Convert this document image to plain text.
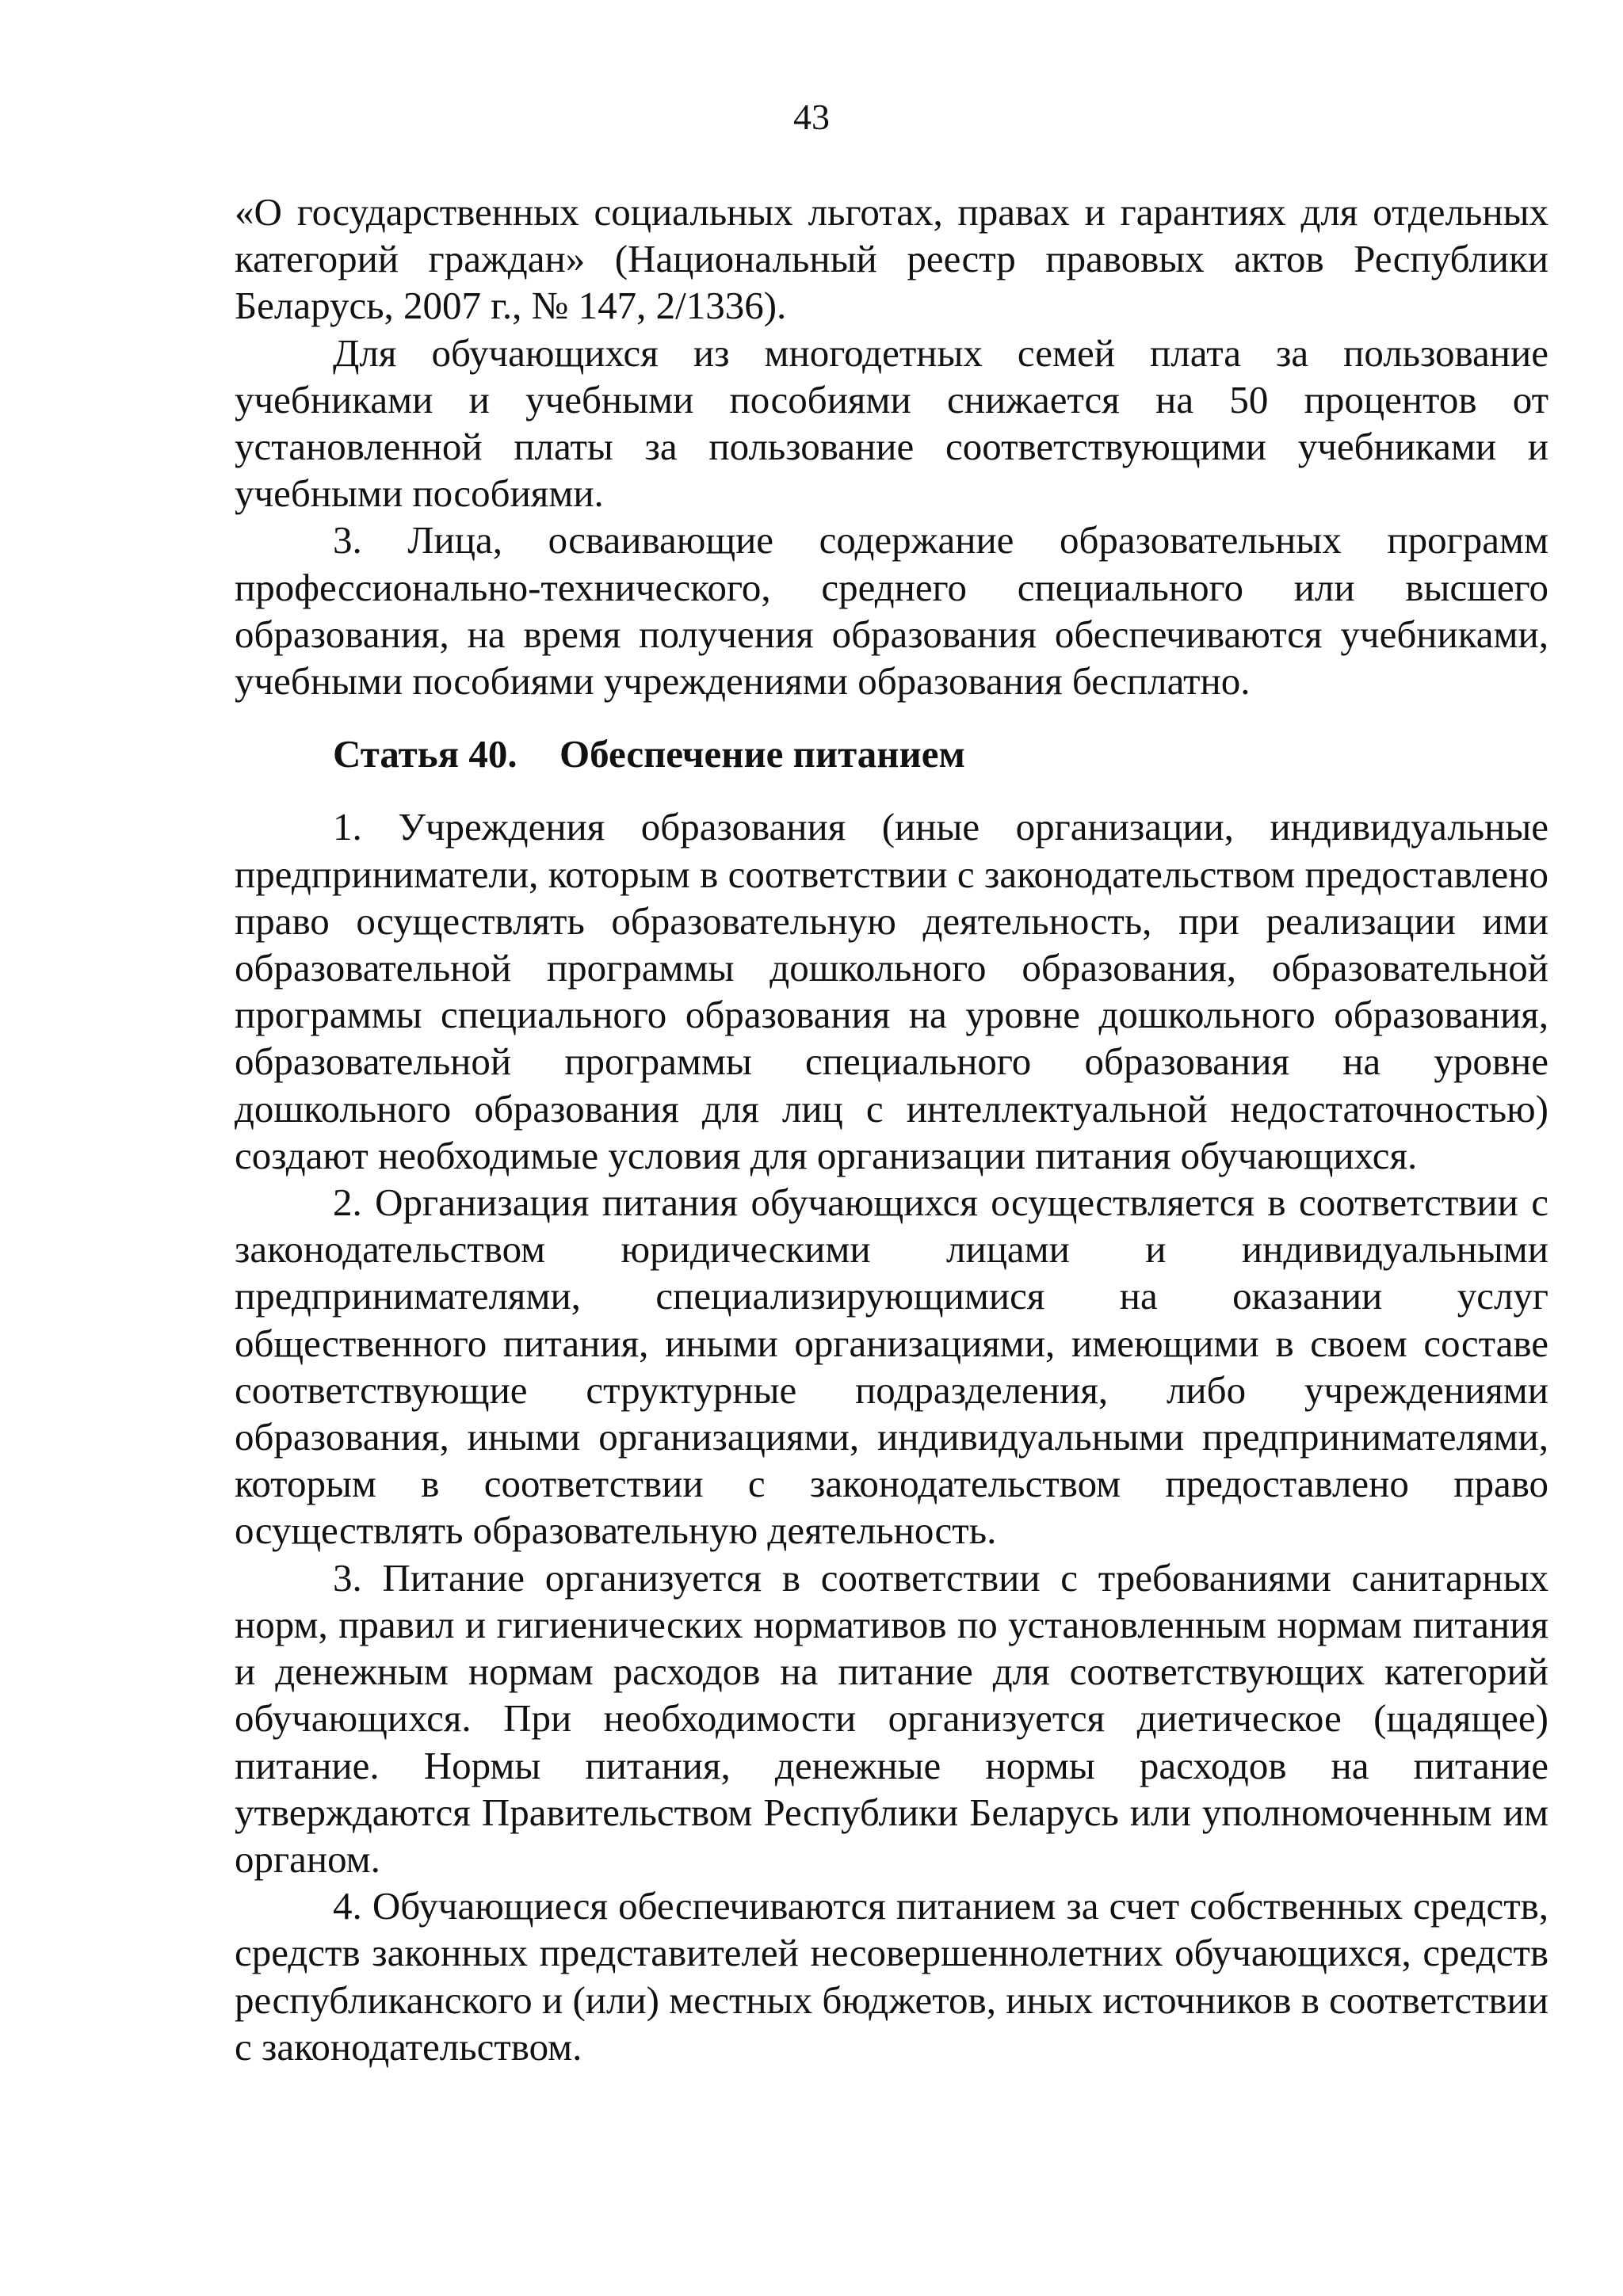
43

«О государственных социальных льготах, правах и гарантиях для отдельных категорий граждан» (Национальный реестр правовых актов Республики Беларусь, 2007 г., № 147, 2/1336).

Для обучающихся из многодетных семей плата за пользование учебниками и учебными пособиями снижается на 50 процентов от установленной платы за пользование соответствующими учебниками и учебными пособиями.

3. Лица, осваивающие содержание образовательных программ профессионально-технического, среднего специального или высшего образования, на время получения образования обеспечиваются учебниками, учебными пособиями учреждениями образования бесплатно.

Статья 40. Обеспечение питанием

1. Учреждения образования (иные организации, индивидуальные предприниматели, которым в соответствии с законодательством предоставлено право осуществлять образовательную деятельность, при реализации ими образовательной программы дошкольного образования, образовательной программы специального образования на уровне дошкольного образования, образовательной программы специального образования на уровне дошкольного образования для лиц с интеллектуальной недостаточностью) создают необходимые условия для организации питания обучающихся.

2. Организация питания обучающихся осуществляется в соответствии с законодательством юридическими лицами и индивидуальными предпринимателями, специализирующимися на оказании услуг общественного питания, иными организациями, имеющими в своем составе соответствующие структурные подразделения, либо учреждениями образования, иными организациями, индивидуальными предпринимателями, которым в соответствии с законодательством предоставлено право осуществлять образовательную деятельность.

3. Питание организуется в соответствии с требованиями санитарных норм, правил и гигиенических нормативов по установленным нормам питания и денежным нормам расходов на питание для соответствующих категорий обучающихся. При необходимости организуется диетическое (щадящее) питание. Нормы питания, денежные нормы расходов на питание утверждаются Правительством Республики Беларусь или уполномоченным им органом.

4. Обучающиеся обеспечиваются питанием за счет собственных средств, средств законных представителей несовершеннолетних обучающихся, средств республиканского и (или) местных бюджетов, иных источников в соответствии с законодательством.
